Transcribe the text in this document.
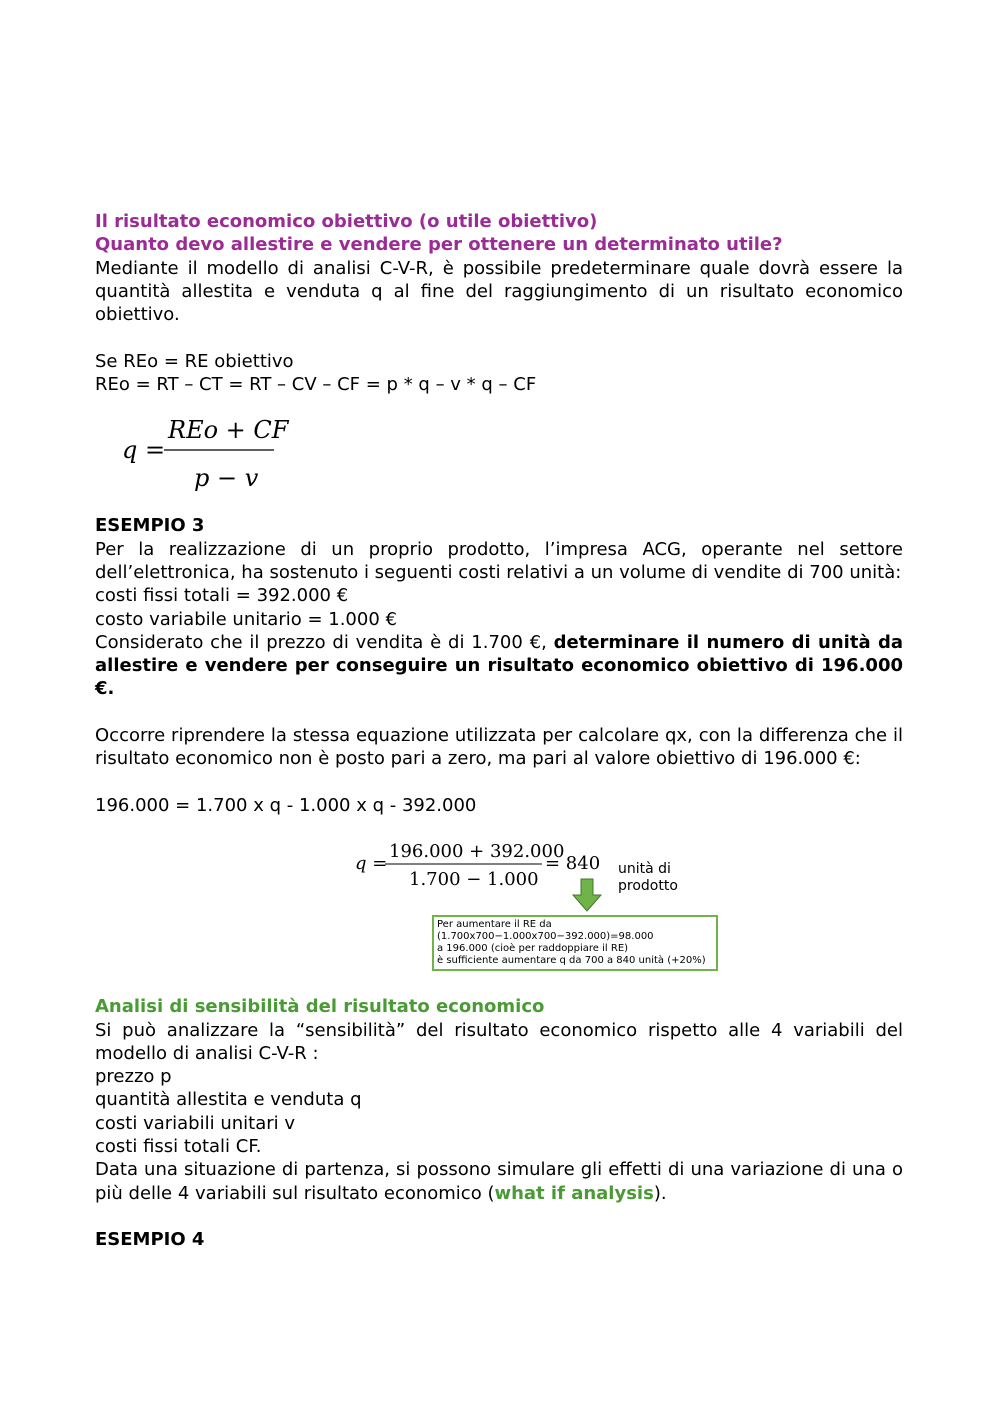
Il risultato economico obiettivo (o utile obiettivo)

Quanto devo allestire e vendere per ottenere un determinato utile?

Mediante il modello di analisi C-V-R, è possibile predeterminare quale dovrà essere la quantità allestita e venduta q al fine del raggiungimento di un risultato economico obiettivo.

Se REo = RE obiettivo

REo = RT – CT = RT – CV – CF = p * q – v * q – CF

q =
REo + CF
p − v

ESEMPIO 3

Per la realizzazione di un proprio prodotto, l’impresa ACG, operante nel settore dell’elettronica, ha sostenuto i seguenti costi relativi a un volume di vendite di 700 unità:

costi fissi totali = 392.000 €

costo variabile unitario = 1.000 €

Considerato che il prezzo di vendita è di 1.700 €, determinare il numero di unità da allestire e vendere per conseguire un risultato economico obiettivo di 196.000 €.

Occorre riprendere la stessa equazione utilizzata per calcolare qx, con la differenza che il risultato economico non è posto pari a zero, ma pari al valore obiettivo di 196.000 €:

196.000 = 1.700 x q - 1.000 x q - 392.000

q =
196.000 + 392.000
1.700 − 1.000
= 840 unità di
prodotto
Per aumentare il RE da
(1.700x700−1.000x700−392.000)=98.000
a 196.000 (cioè per raddoppiare il RE)
è sufficiente aumentare q da 700 a 840 unità (+20%)

Analisi di sensibilità del risultato economico

Si può analizzare la “sensibilità” del risultato economico rispetto alle 4 variabili del modello di analisi C-V-R :

prezzo p

quantità allestita e venduta q

costi variabili unitari v

costi fissi totali CF.

Data una situazione di partenza, si possono simulare gli effetti di una variazione di una o più delle 4 variabili sul risultato economico (what if analysis).

ESEMPIO 4
